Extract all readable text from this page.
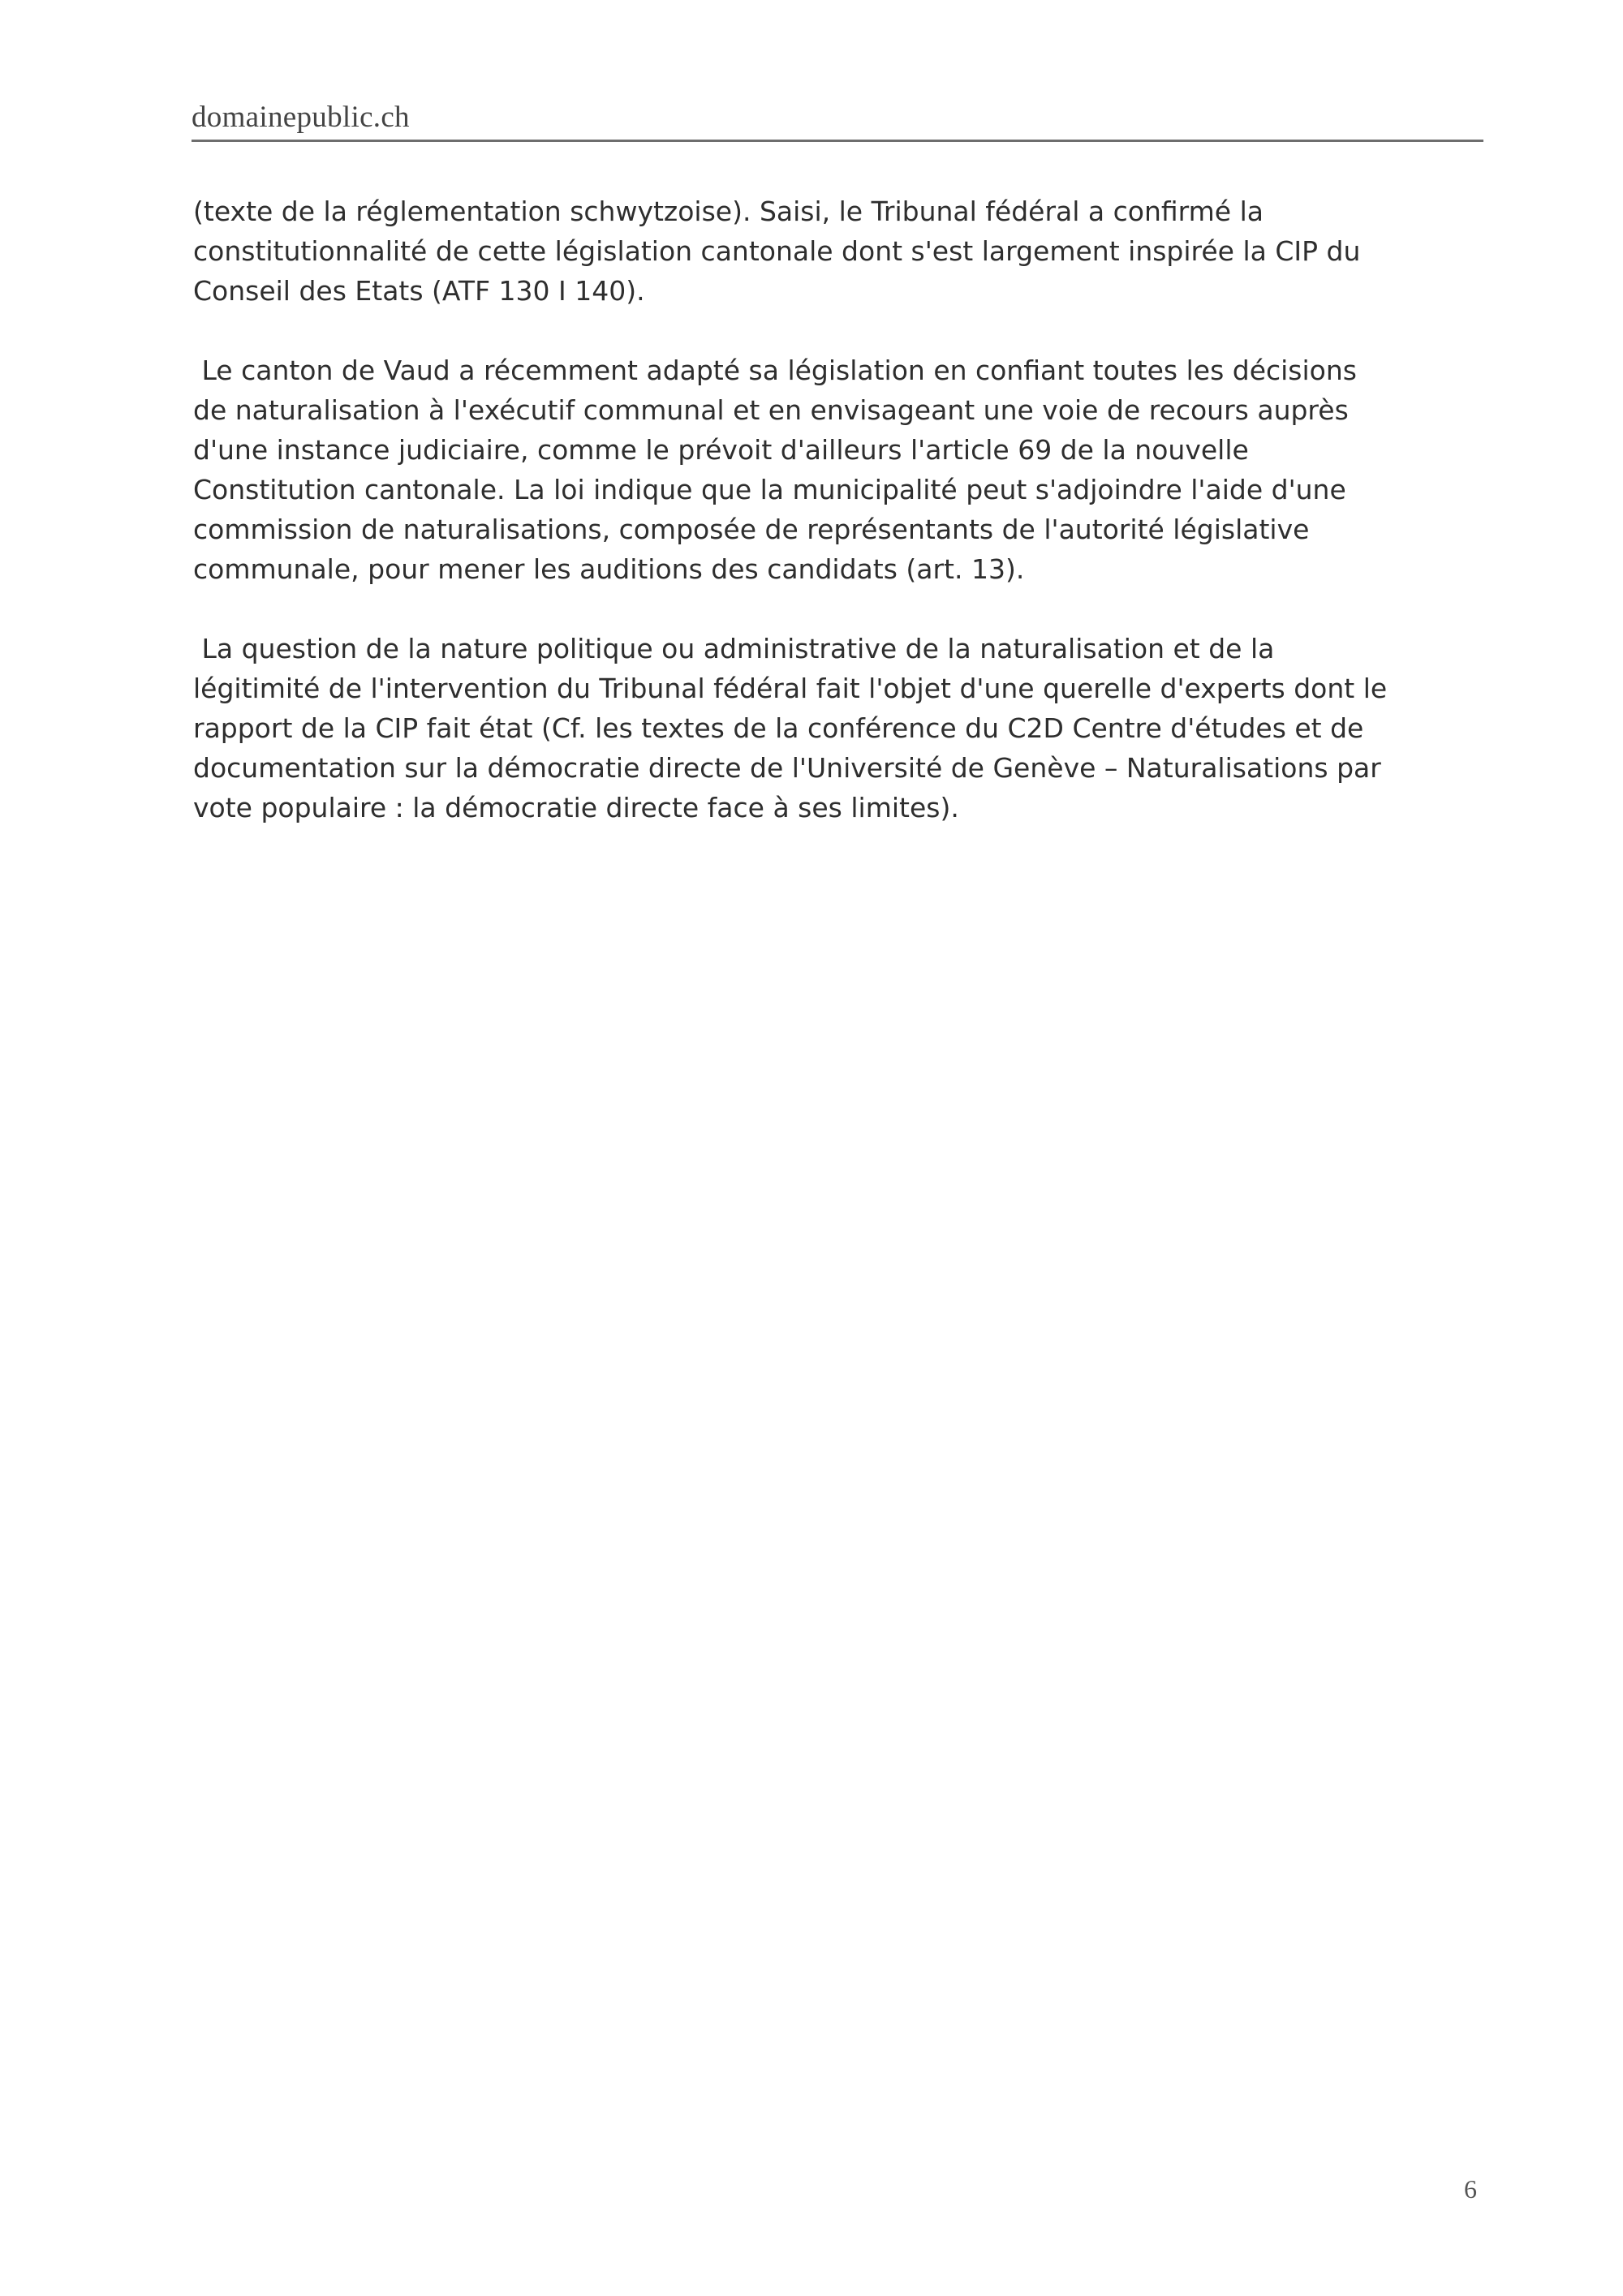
domainepublic.ch
(texte de la réglementation schwytzoise). Saisi, le Tribunal fédéral a confirmé la
constitutionnalité de cette législation cantonale dont s'est largement inspirée la CIP du
Conseil des Etats (ATF 130 I 140).
Le canton de Vaud a récemment adapté sa législation en confiant toutes les décisions
de naturalisation à l'exécutif communal et en envisageant une voie de recours auprès
d'une instance judiciaire, comme le prévoit d'ailleurs l'article 69 de la nouvelle
Constitution cantonale. La loi indique que la municipalité peut s'adjoindre l'aide d'une
commission de naturalisations, composée de représentants de l'autorité législative
communale, pour mener les auditions des candidats (art. 13).
La question de la nature politique ou administrative de la naturalisation et de la
légitimité de l'intervention du Tribunal fédéral fait l'objet d'une querelle d'experts dont le
rapport de la CIP fait état (Cf. les textes de la conférence du C2D Centre d'études et de
documentation sur la démocratie directe de l'Université de Genève – Naturalisations par
vote populaire : la démocratie directe face à ses limites).
6
